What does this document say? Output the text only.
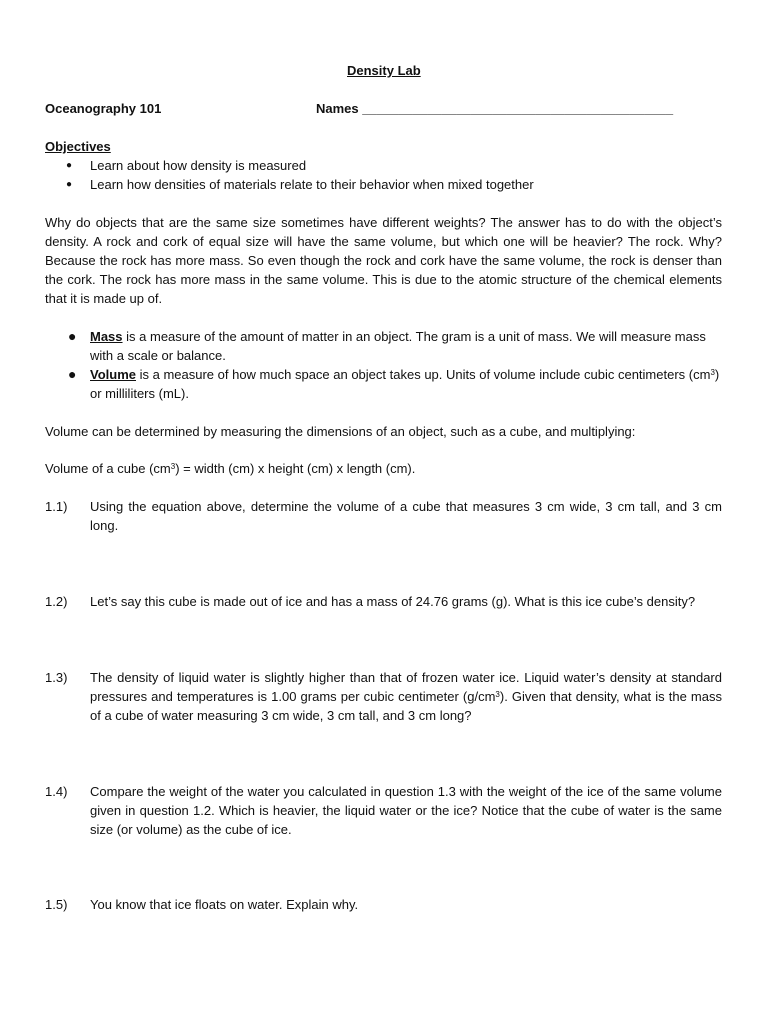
Density Lab
Oceanography 101	Names ___________________________________________
Objectives
● Learn about how density is measured
● Learn how densities of materials relate to their behavior when mixed together
Why do objects that are the same size sometimes have different weights? The answer has to do with the object’s density. A rock and cork of equal size will have the same volume, but which one will be heavier? The rock. Why? Because the rock has more mass. So even though the rock and cork have the same volume, the rock is denser than the cork. The rock has more mass in the same volume. This is due to the atomic structure of the chemical elements that it is made up of.
● Mass is a measure of the amount of matter in an object. The gram is a unit of mass. We will measure mass with a scale or balance.
● Volume is a measure of how much space an object takes up. Units of volume include cubic centimeters $(cm^3)$ or milliliters (mL).
Volume can be determined by measuring the dimensions of an object, such as a cube, and multiplying:
Volume of a cube $(cm^3)$ = width (cm) x height (cm) x length (cm).
1.1) Using the equation above, determine the volume of a cube that measures 3 cm wide, 3 cm tall, and 3 cm long.
1.2) Let’s say this cube is made out of ice and has a mass of 24.76 grams (g). What is this ice cube’s density?
1.3) The density of liquid water is slightly higher than that of frozen water ice. Liquid water’s density at standard pressures and temperatures is 1.00 grams per cubic centimeter $(g/cm^3)$. Given that density, what is the mass of a cube of water measuring 3 cm wide, 3 cm tall, and 3 cm long?
1.4) Compare the weight of the water you calculated in question 1.3 with the weight of the ice of the same volume given in question 1.2. Which is heavier, the liquid water or the ice? Notice that the cube of water is the same size (or volume) as the cube of ice.
1.5) You know that ice floats on water. Explain why.
